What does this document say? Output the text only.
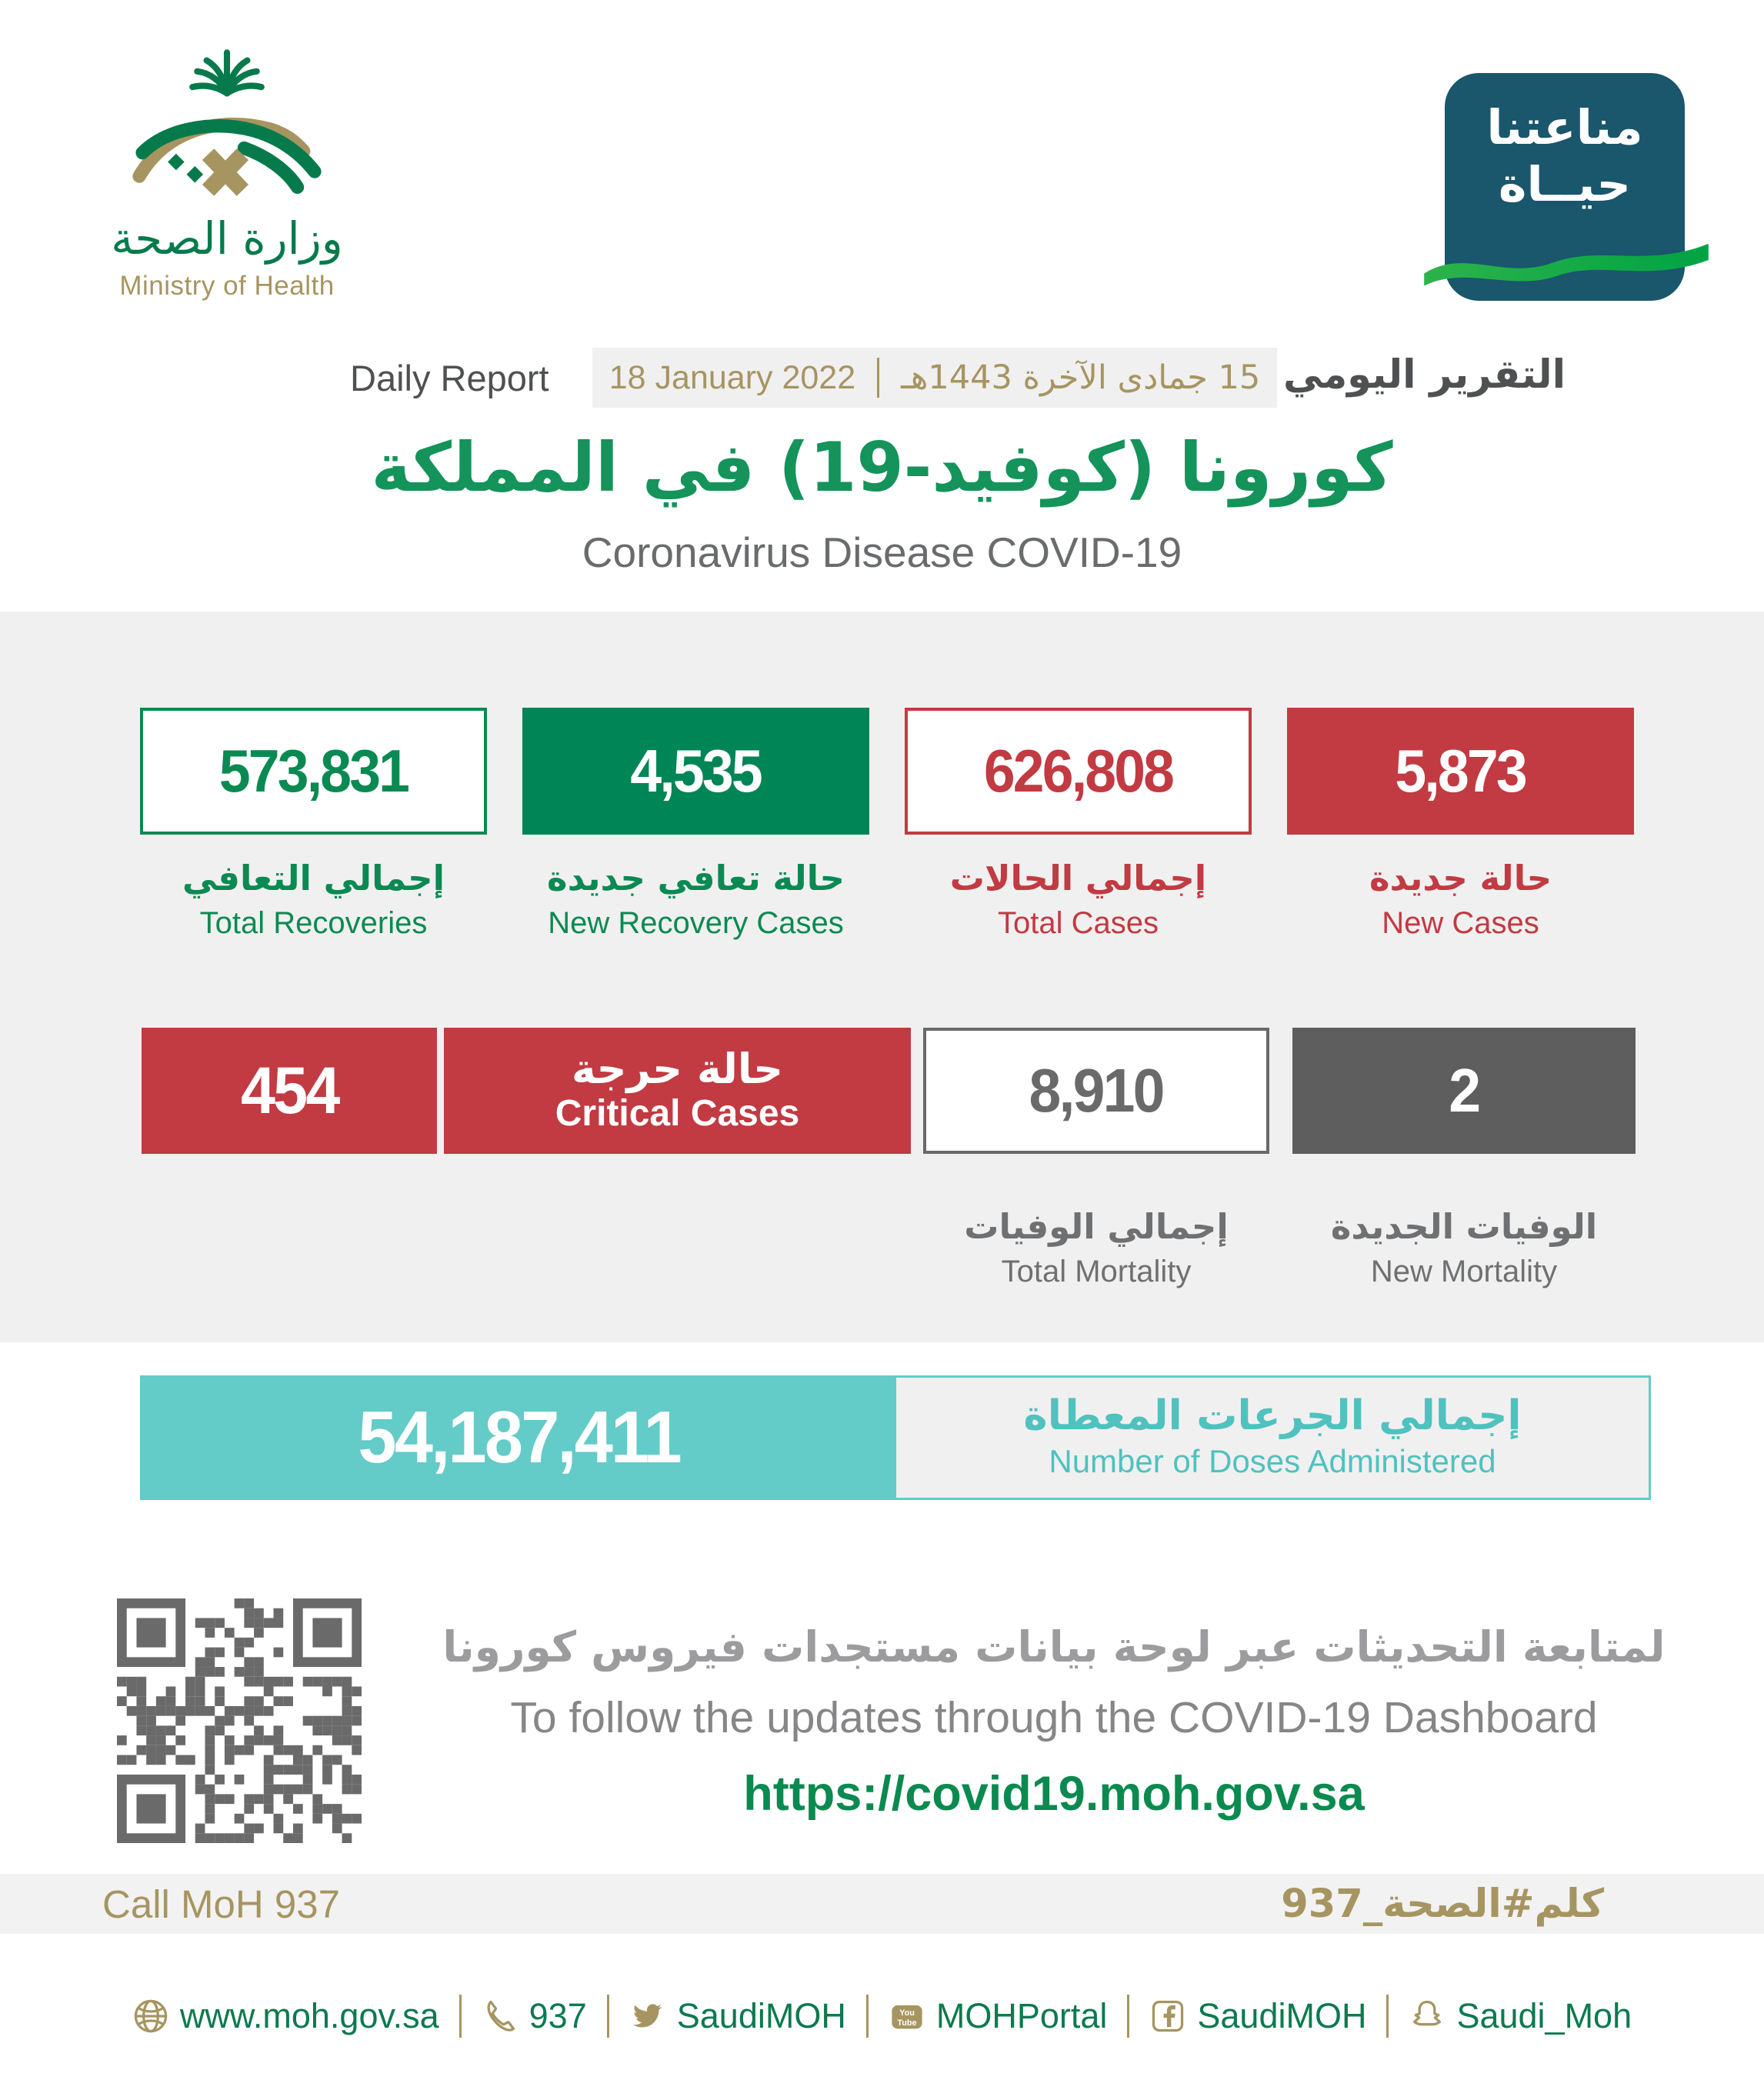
وزارة الصحة
Ministry of Health
مناعتنا
حيــاة
Daily Report 18 January 2022 15 جمادى الآخرة 1443هـ التقرير اليومي
كورونا (كوفيد-19) في المملكة
Coronavirus Disease COVID-19
573,831
إجمالي التعافي
Total Recoveries
4,535
حالة تعافي جديدة
New Recovery Cases
626,808
إجمالي الحالات
Total Cases
5,873
حالة جديدة
New Cases
454	حالة حرجة
Critical Cases	8,910	2
إجمالي الوفيات
Total Mortality
الوفيات الجديدة
New Mortality
54,187,411	إجمالي الجرعات المعطاة
Number of Doses Administered
لمتابعة التحديثات عبر لوحة بيانات مستجدات فيروس كورونا
To follow the updates through the COVID-19 Dashboard
https://covid19.moh.gov.sa
Call MoH 937	كلم#الصحة_937
www.moh.gov.sa	937	SaudiMOH	You
Tube MOHPortal	SaudiMOH	Saudi_Moh
